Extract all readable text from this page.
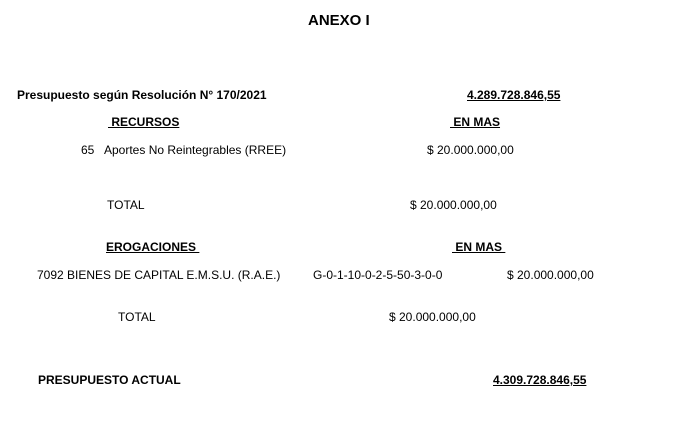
ANEXO I
Presupuesto según Resolución N° 170/2021	4.289.728.846,55
RECURSOS	EN MAS
65 Aportes No Reintegrables (RREE)	$ 20.000.000,00
TOTAL	$ 20.000.000,00
EROGACIONES	EN MAS
7092 BIENES DE CAPITAL E.M.S.U. (R.A.E.)	G-0-1-10-0-2-5-50-3-0-0	$ 20.000.000,00
TOTAL	$ 20.000.000,00
PRESUPUESTO ACTUAL	4.309.728.846,55
